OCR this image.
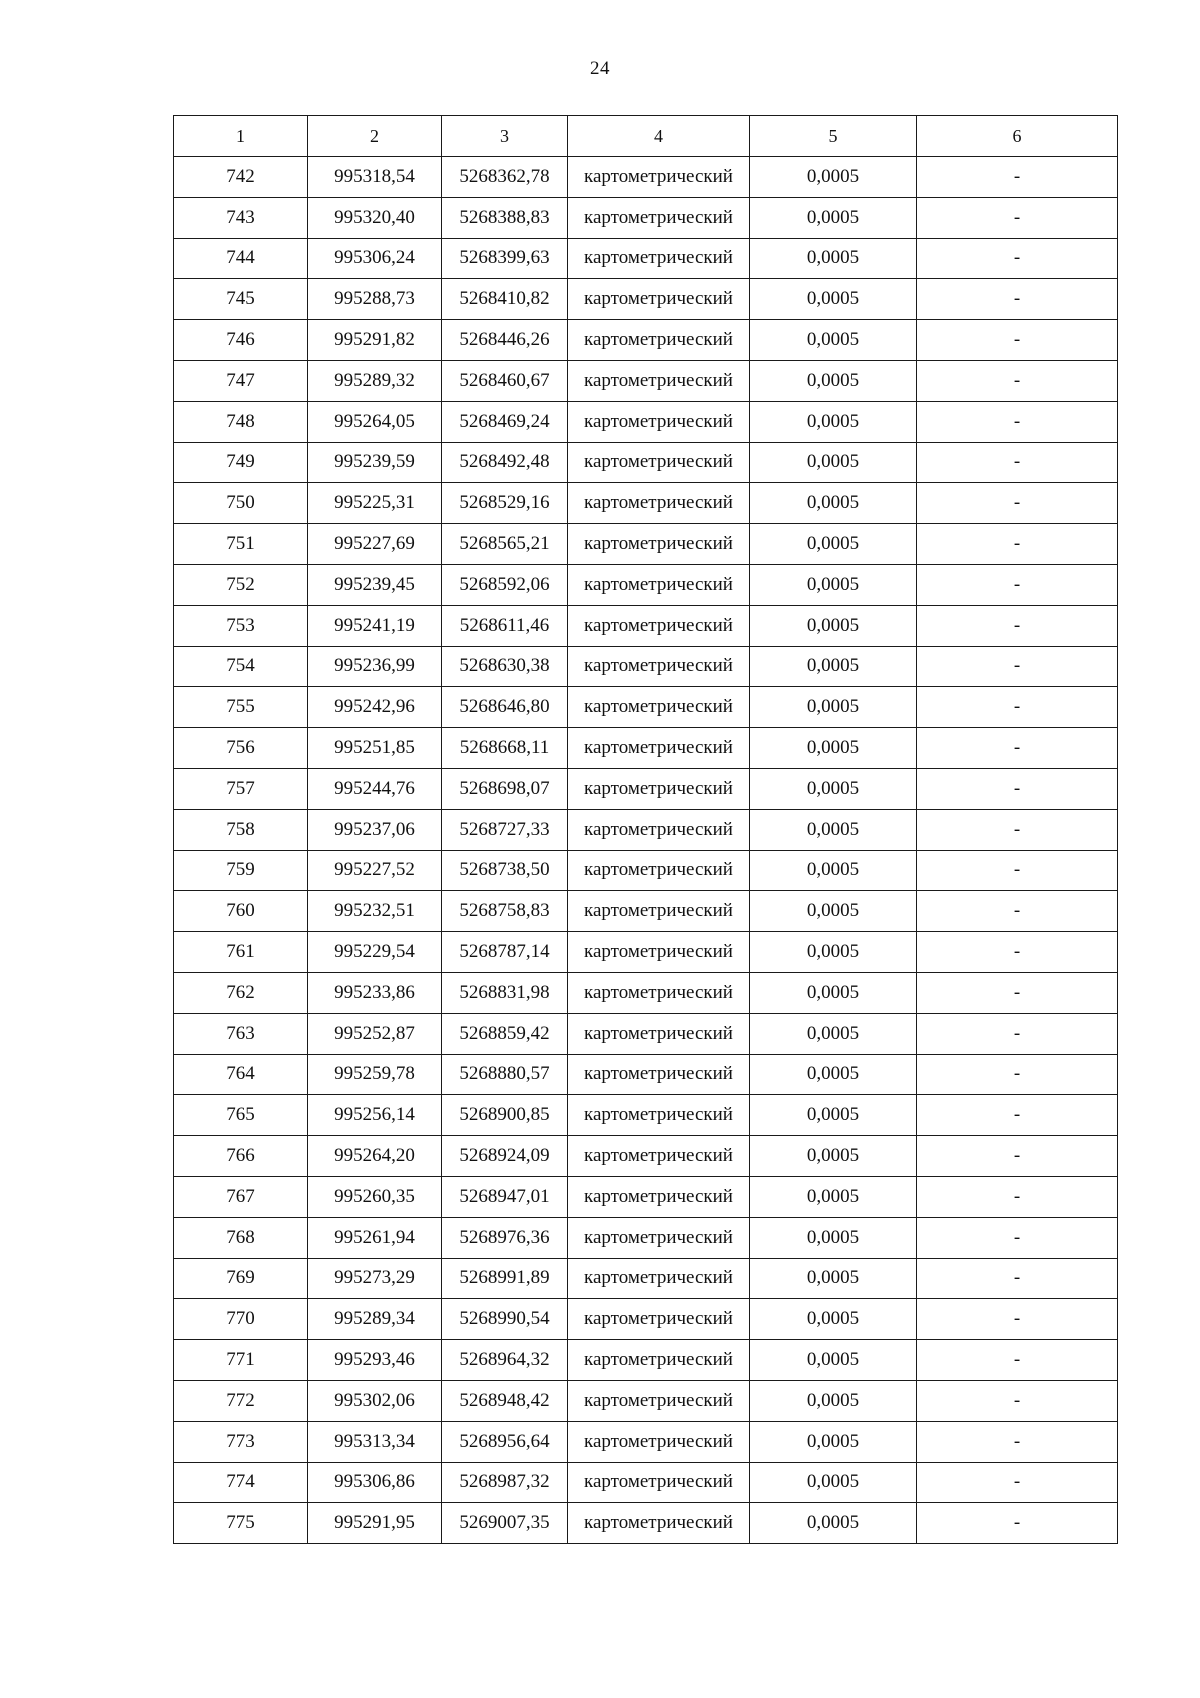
24
1	2	3	4	5	6
742	995318,54	5268362,78	картометрический	0,0005	-
743	995320,40	5268388,83	картометрический	0,0005	-
744	995306,24	5268399,63	картометрический	0,0005	-
745	995288,73	5268410,82	картометрический	0,0005	-
746	995291,82	5268446,26	картометрический	0,0005	-
747	995289,32	5268460,67	картометрический	0,0005	-
748	995264,05	5268469,24	картометрический	0,0005	-
749	995239,59	5268492,48	картометрический	0,0005	-
750	995225,31	5268529,16	картометрический	0,0005	-
751	995227,69	5268565,21	картометрический	0,0005	-
752	995239,45	5268592,06	картометрический	0,0005	-
753	995241,19	5268611,46	картометрический	0,0005	-
754	995236,99	5268630,38	картометрический	0,0005	-
755	995242,96	5268646,80	картометрический	0,0005	-
756	995251,85	5268668,11	картометрический	0,0005	-
757	995244,76	5268698,07	картометрический	0,0005	-
758	995237,06	5268727,33	картометрический	0,0005	-
759	995227,52	5268738,50	картометрический	0,0005	-
760	995232,51	5268758,83	картометрический	0,0005	-
761	995229,54	5268787,14	картометрический	0,0005	-
762	995233,86	5268831,98	картометрический	0,0005	-
763	995252,87	5268859,42	картометрический	0,0005	-
764	995259,78	5268880,57	картометрический	0,0005	-
765	995256,14	5268900,85	картометрический	0,0005	-
766	995264,20	5268924,09	картометрический	0,0005	-
767	995260,35	5268947,01	картометрический	0,0005	-
768	995261,94	5268976,36	картометрический	0,0005	-
769	995273,29	5268991,89	картометрический	0,0005	-
770	995289,34	5268990,54	картометрический	0,0005	-
771	995293,46	5268964,32	картометрический	0,0005	-
772	995302,06	5268948,42	картометрический	0,0005	-
773	995313,34	5268956,64	картометрический	0,0005	-
774	995306,86	5268987,32	картометрический	0,0005	-
775	995291,95	5269007,35	картометрический	0,0005	-
